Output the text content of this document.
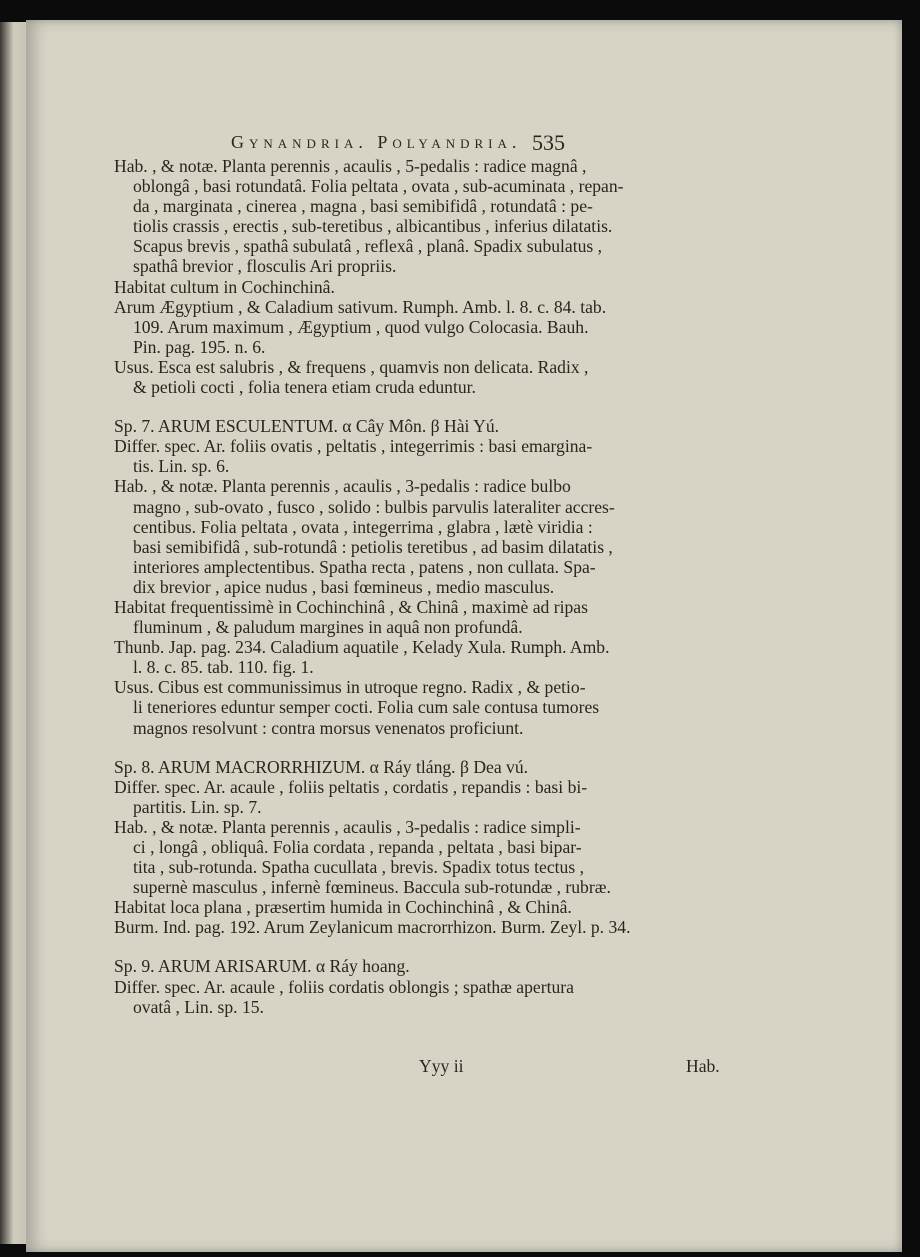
Gynandria. Polyandria. 535
Hab. , & notæ. Planta perennis , acaulis , 5-pedalis : radice magnâ ,
oblongâ , basi rotundatâ. Folia peltata , ovata , sub-acuminata , repan-
da , marginata , cinerea , magna , basi semibifidâ , rotundatâ : pe-
tiolis crassis , erectis , sub-teretibus , albicantibus , inferius dilatatis.
Scapus brevis , spathâ subulatâ , reflexâ , planâ. Spadix subulatus ,
spathâ brevior , flosculis Ari propriis.
Habitat cultum in Cochinchinâ.
Arum Ægyptium , & Caladium sativum. Rumph. Amb. l. 8. c. 84. tab.
109. Arum maximum , Ægyptium , quod vulgo Colocasia. Bauh.
Pin. pag. 195. n. 6.
Usus. Esca est salubris , & frequens , quamvis non delicata. Radix ,
& petioli cocti , folia tenera etiam cruda eduntur.
Sp. 7. ARUM ESCULENTUM. α Cây Môn. β Hài Yú.
Differ. spec. Ar. foliis ovatis , peltatis , integerrimis : basi emargina-
tis. Lin. sp. 6.
Hab. , & notæ. Planta perennis , acaulis , 3-pedalis : radice bulbo
magno , sub-ovato , fusco , solido : bulbis parvulis lateraliter accres-
centibus. Folia peltata , ovata , integerrima , glabra , lætè viridia :
basi semibifidâ , sub-rotundâ : petiolis teretibus , ad basim dilatatis ,
interiores amplectentibus. Spatha recta , patens , non cullata. Spa-
dix brevior , apice nudus , basi fœmineus , medio masculus.
Habitat frequentissimè in Cochinchinâ , & Chinâ , maximè ad ripas
fluminum , & paludum margines in aquâ non profundâ.
Thunb. Jap. pag. 234. Caladium aquatile , Kelady Xula. Rumph. Amb.
l. 8. c. 85. tab. 110. fig. 1.
Usus. Cibus est communissimus in utroque regno. Radix , & petio-
li teneriores eduntur semper cocti. Folia cum sale contusa tumores
magnos resolvunt : contra morsus venenatos proficiunt.
Sp. 8. ARUM MACRORRHIZUM. α Ráy tláng. β Dea vú.
Differ. spec. Ar. acaule , foliis peltatis , cordatis , repandis : basi bi-
partitis. Lin. sp. 7.
Hab. , & notæ. Planta perennis , acaulis , 3-pedalis : radice simpli-
ci , longâ , obliquâ. Folia cordata , repanda , peltata , basi bipar-
tita , sub-rotunda. Spatha cucullata , brevis. Spadix totus tectus ,
supernè masculus , infernè fœmineus. Baccula sub-rotundæ , rubræ.
Habitat loca plana , præsertim humida in Cochinchinâ , & Chinâ.
Burm. Ind. pag. 192. Arum Zeylanicum macrorrhizon. Burm. Zeyl. p. 34.
Sp. 9. ARUM ARISARUM. α Ráy hoang.
Differ. spec. Ar. acaule , foliis cordatis oblongis ; spathæ apertura
ovatâ , Lin. sp. 15.
Yyy ii	Hab.
